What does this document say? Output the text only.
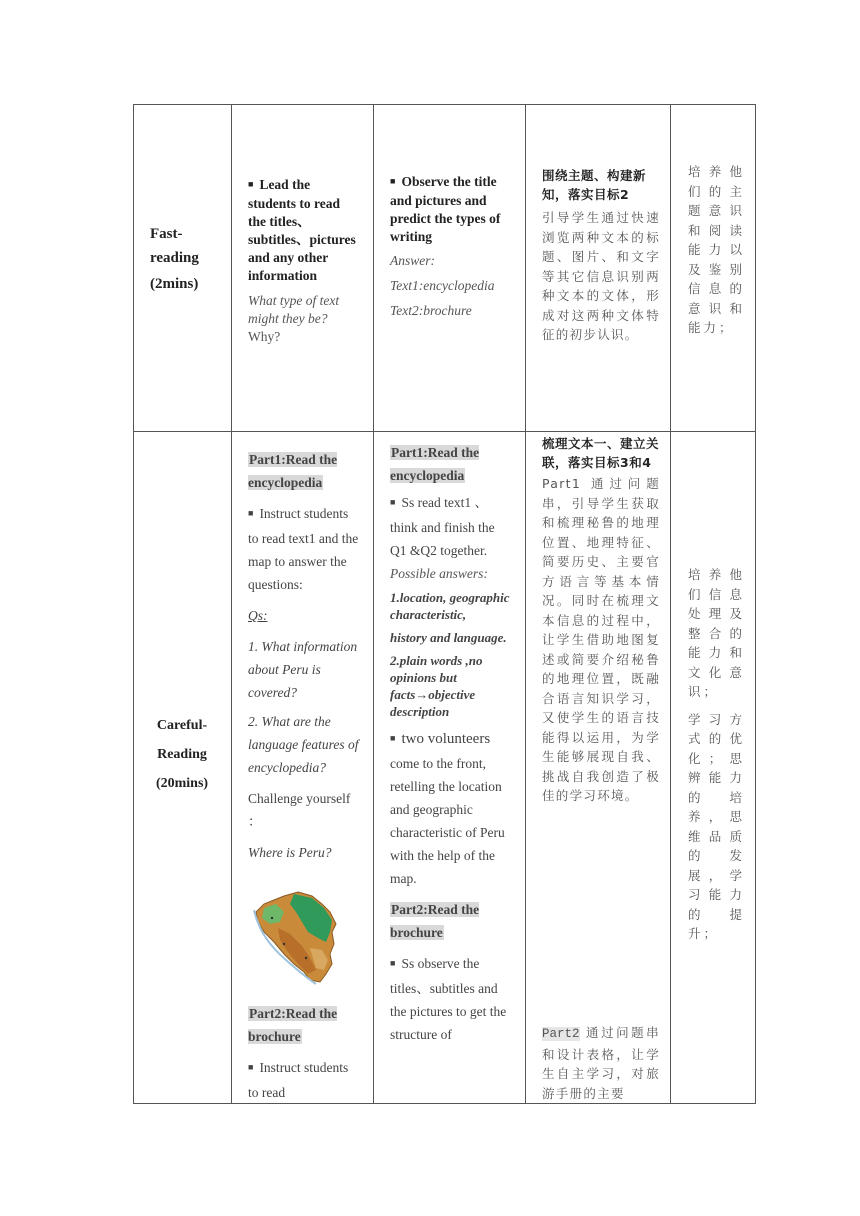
Fast-
reading
(2mins)
■ Lead the students to read the titles、subtitles、pictures and any other information
What type of text might they be?
Why?
■ Observe the title and pictures and predict the types of writing
Answer:
Text1:encyclopedia
Text2:brochure
围绕主题、构建新知，落实目标2
引导学生通过快速浏览两种文本的标题、图片、和文字等其它信息识别两种文本的文体，形成对这两种文体特征的初步认识。
培养他们的主题意识和阅读能力以及鉴别信息的意识和能力；
Careful-
Reading
(20mins)
Part1:Read the encyclopedia
■ Instruct students to read text1 and the map to answer the questions:
Qs:
1. What information about Peru is covered?
2. What are the language features of encyclopedia?
Challenge yourself ：
Where is Peru?
Part2:Read the brochure
■ Instruct students to read
Part1:Read the encyclopedia
■ Ss read text1 、think and finish the Q1 &Q2 together.
Possible answers:
1.location, geographic characteristic,
history and language.
2.plain words ,no opinions but facts→objective description
■ two volunteers
come to the front, retelling the location and geographic characteristic of Peru with the help of the map.
Part2:Read the brochure
■ Ss observe the titles、subtitles and the pictures to get the structure of
梳理文本一、建立关联，落实目标3和4
Part1 通过问题串，引导学生获取和梳理秘鲁的地理位置、地理特征、简要历史、主要官方语言等基本情况。同时在梳理文本信息的过程中，让学生借助地图复述或简要介绍秘鲁的地理位置，既融合语言知识学习，又使学生的语言技能得以运用，为学生能够展现自我、挑战自我创造了极佳的学习环境。
Part2 通过问题串和设计表格，让学生自主学习，对旅游手册的主要
培养他们信息处理及整合的能力和文化意识；
学习方式的优化；思辨能力的培养，思维品质的发展，学习能力的提升；
